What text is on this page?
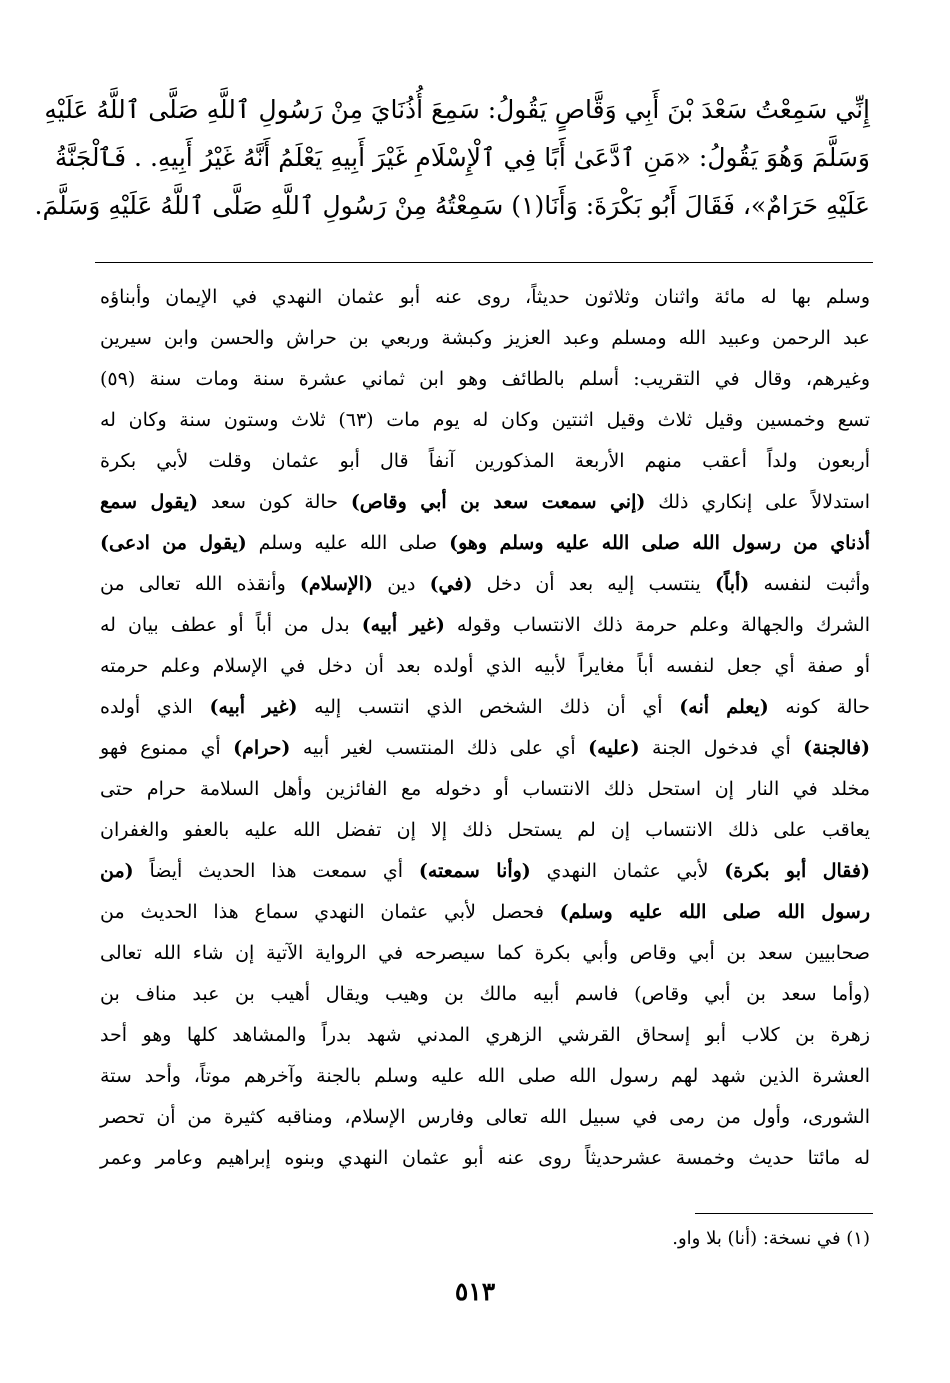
إِنِّي سَمِعْتُ سَعْدَ بْنَ أَبِي وَقَّاصٍ يَقُولُ: سَمِعَ أُذُنَايَ مِنْ رَسُولِ ٱللَّهِ صَلَّى ٱللَّهُ عَلَيْهِ
وَسَلَّمَ وَهُوَ يَقُولُ: «مَنِ ٱدَّعَىٰ أَبًا فِي ٱلْإِسْلَامِ غَيْرَ أَبِيهِ يَعْلَمُ أَنَّهُ غَيْرُ أَبِيهِ. . فَٱلْجَنَّةُ
عَلَيْهِ حَرَامٌ»، فَقَالَ أَبُو بَكْرَةَ: وَأَنَا(١) سَمِعْتُهُ مِنْ رَسُولِ ٱللَّهِ صَلَّى ٱللَّهُ عَلَيْهِ وَسَلَّمَ.
وسلم بها له مائة واثنان وثلاثون حديثاً، روى عنه أبو عثمان النهدي في الإيمان وأبناؤه
عبد الرحمن وعبيد الله ومسلم وعبد العزيز وكبشة وربعي بن حراش والحسن وابن سيرين
وغيرهم، وقال في التقريب: أسلم بالطائف وهو ابن ثماني عشرة سنة ومات سنة (٥٩)
تسع وخمسين وقيل ثلاث وقيل اثنتين وكان له يوم مات (٦٣) ثلاث وستون سنة وكان له
أربعون ولداً أعقب منهم الأربعة المذكورين آنفاً قال أبو عثمان وقلت لأبي بكرة
استدلالاً على إنكاري ذلك (إني سمعت سعد بن أبي وقاص) حالة كون سعد (يقول سمع
أذناي من رسول الله صلى الله عليه وسلم وهو) صلى الله عليه وسلم (يقول من ادعى)
وأثبت لنفسه (أباً) ينتسب إليه بعد أن دخل (في) دين (الإسلام) وأنقذه الله تعالى من
الشرك والجهالة وعلم حرمة ذلك الانتساب وقوله (غير أبيه) بدل من أباً أو عطف بيان له
أو صفة أي جعل لنفسه أباً مغايراً لأبيه الذي أولده بعد أن دخل في الإسلام وعلم حرمته
حالة كونه (يعلم أنه) أي أن ذلك الشخص الذي انتسب إليه (غير أبيه) الذي أولده
(فالجنة) أي فدخول الجنة (عليه) أي على ذلك المنتسب لغير أبيه (حرام) أي ممنوع فهو
مخلد في النار إن استحل ذلك الانتساب أو دخوله مع الفائزين وأهل السلامة حرام حتى
يعاقب على ذلك الانتساب إن لم يستحل ذلك إلا إن تفضل الله عليه بالعفو والغفران
(فقال أبو بكرة) لأبي عثمان النهدي (وأنا سمعته) أي سمعت هذا الحديث أيضاً (من
رسول الله صلى الله عليه وسلم) فحصل لأبي عثمان النهدي سماع هذا الحديث من
صحابيين سعد بن أبي وقاص وأبي بكرة كما سيصرحه في الرواية الآتية إن شاء الله تعالى
(وأما سعد بن أبي وقاص) فاسم أبيه مالك بن وهيب ويقال أهيب بن عبد مناف بن
زهرة بن كلاب أبو إسحاق القرشي الزهري المدني شهد بدراً والمشاهد كلها وهو أحد
العشرة الذين شهد لهم رسول الله صلى الله عليه وسلم بالجنة وآخرهم موتاً، وأحد ستة
الشورى، وأول من رمى في سبيل الله تعالى وفارس الإسلام، ومناقبه كثيرة من أن تحصر
له مائتا حديث وخمسة عشرحديثاً روى عنه أبو عثمان النهدي وبنوه إبراهيم وعامر وعمر
(١) في نسخة: (أنا) بلا واو.
٥١٣
